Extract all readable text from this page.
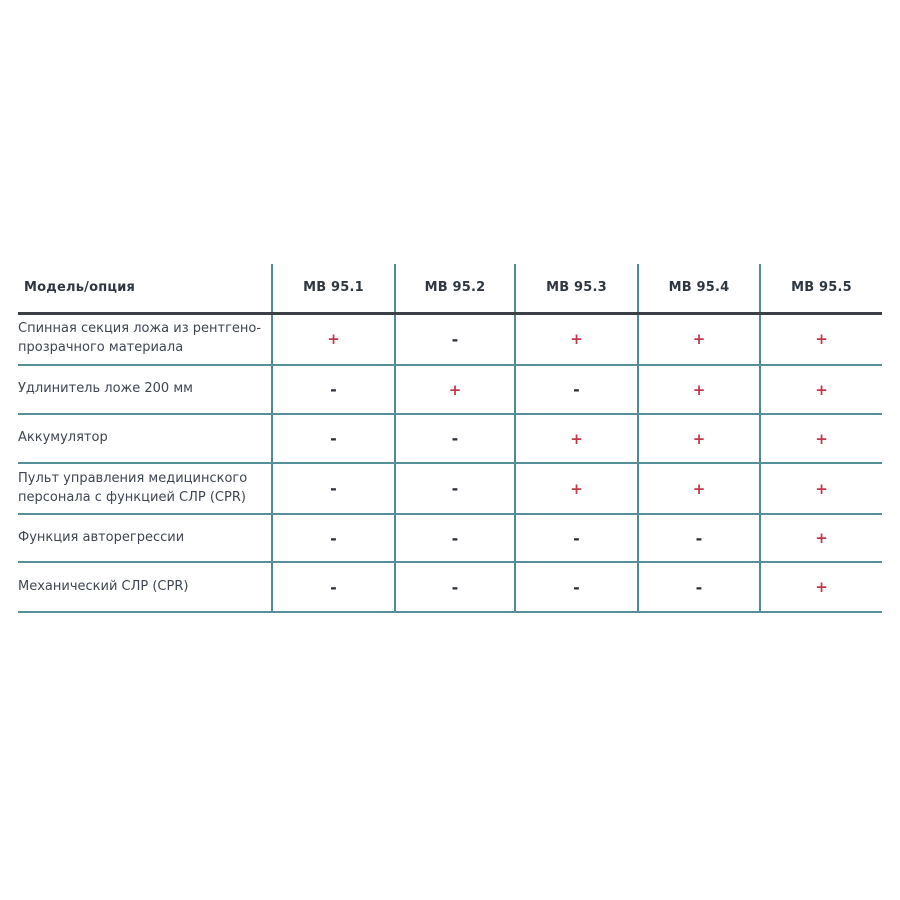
Модель/опция	МВ 95.1	МВ 95.2	МВ 95.3	МВ 95.4	МВ 95.5
Спинная секция ложа из рентгено-прозрачного материала	+	-	+	+	+
Удлинитель ложе 200 мм	-	+	-	+	+
Аккумулятор	-	-	+	+	+
Пульт управления медицинского персонала с функцией СЛР (CPR)	-	-	+	+	+
Функция авторегрессии	-	-	-	-	+
Механический СЛР (CPR)	-	-	-	-	+
